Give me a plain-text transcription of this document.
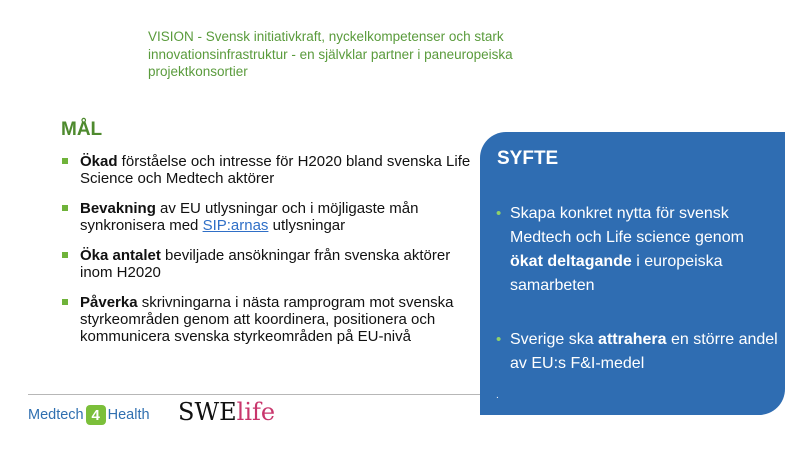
VISION - Svensk initiativkraft, nyckelkompetenser och stark
innovationsinfrastruktur - en självklar partner i paneuropeiska
projektkonsortier
MÅL
Ökad förståelse och intresse för H2020 bland svenska Life Science och Medtech aktörer
Bevakning av EU utlysningar och i möjligaste mån synkronisera med SIP:arnas utlysningar
Öka antalet beviljade ansökningar från svenska aktörer inom H2020
Påverka skrivningarna i nästa ramprogram mot svenska styrkeområden genom att koordinera, positionera och kommunicera svenska styrkeområden på EU-nivå
SYFTE
• Skapa konkret nytta för svensk Medtech och Life science genom ökat deltagande i europeiska samarbeten
• Sverige ska attrahera en större andel av EU:s F&I-medel
.
Medtech 4 Health SWElife
